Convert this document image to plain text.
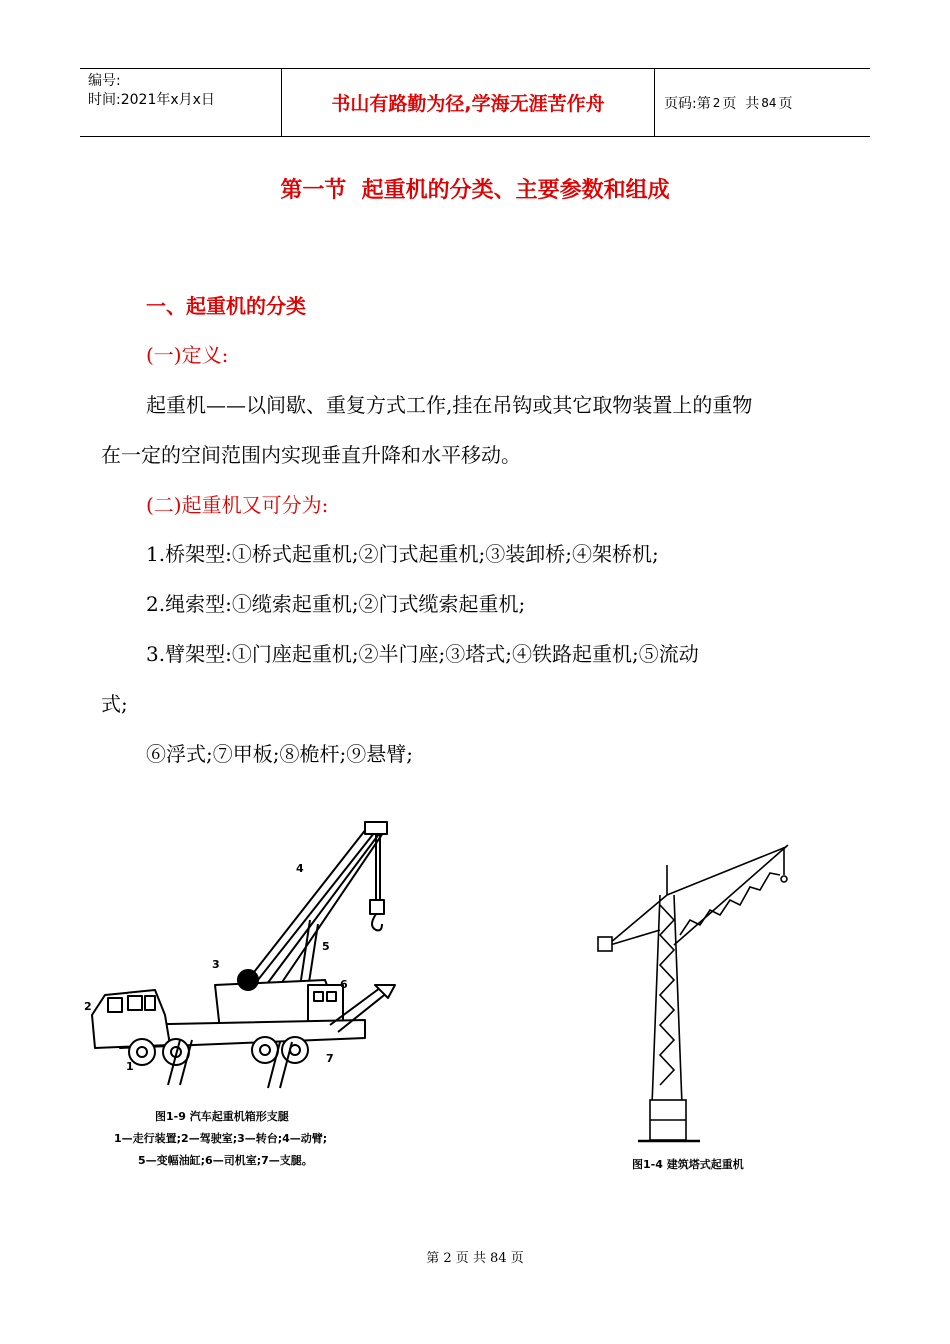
编号:
时间:2021年x月x日	书山有路勤为径,学海无涯苦作舟	页码:第 2 页  共 84 页
第一节  起重机的分类、主要参数和组成
一、起重机的分类
(一)定义:
起重机——以间歇、重复方式工作,挂在吊钩或其它取物装置上的重物
在一定的空间范围内实现垂直升降和水平移动。
(二)起重机又可分为:
1.桥架型:①桥式起重机;②门式起重机;③装卸桥;④架桥机;
2.绳索型:①缆索起重机;②门式缆索起重机;
3.臂架型:①门座起重机;②半门座;③塔式;④铁路起重机;⑤流动
式;
⑥浮式;⑦甲板;⑧桅杆;⑨悬臂;
1
2
3
4
5
6
7
图1-9 汽车起重机箱形支腿
1—走行装置;2—驾驶室;3—转台;4—动臂;
5—变幅油缸;6—司机室;7—支腿。	图1-4 建筑塔式起重机
第 2 页 共 84 页
